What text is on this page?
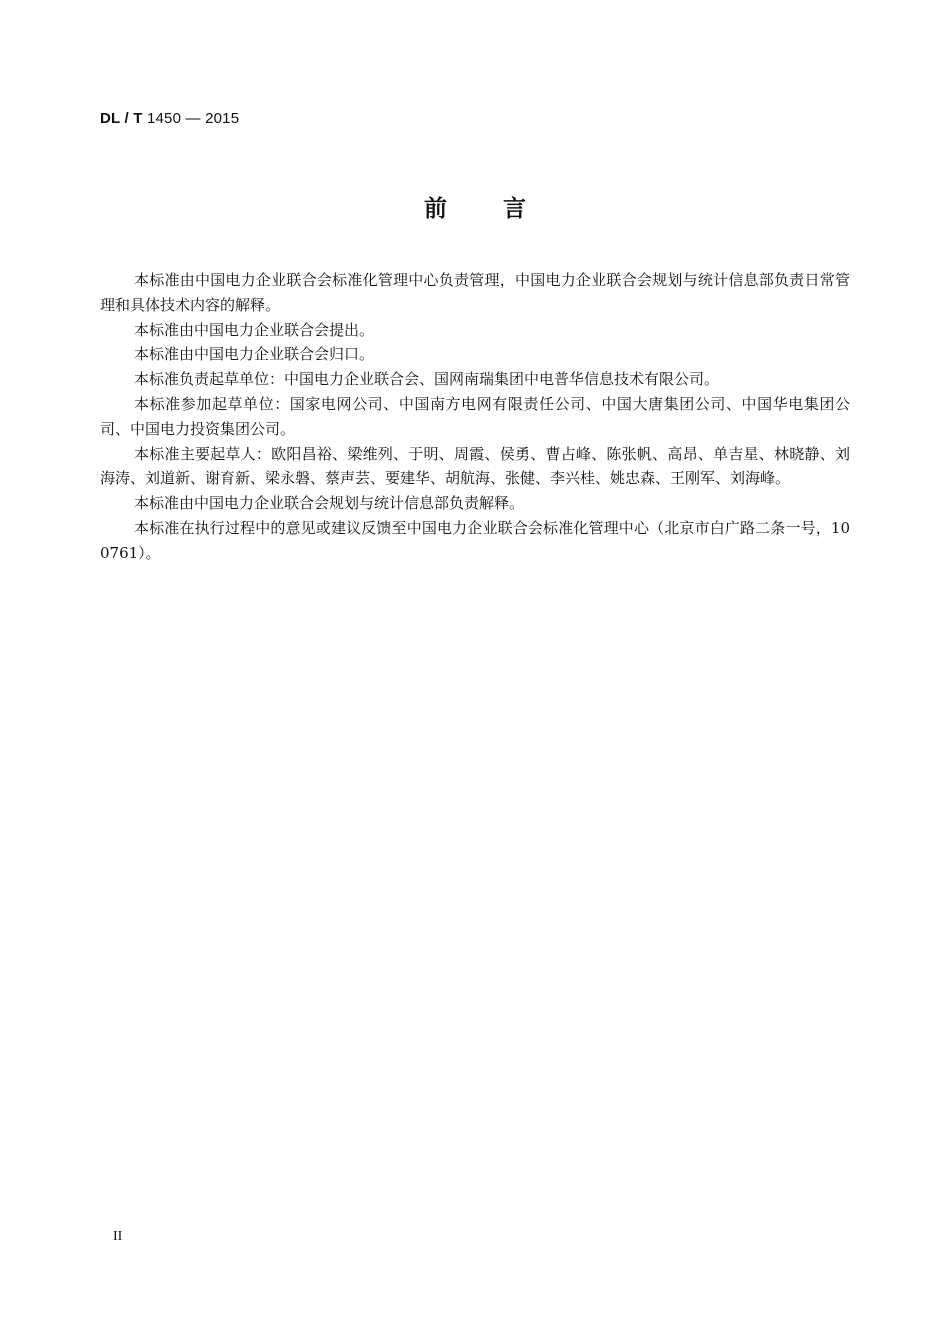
DL / T 1450 — 2015
前言

本标准由中国电力企业联合会标准化管理中心负责管理，中国电力企业联合会规划与统计信息部负责日常管理和具体技术内容的解释。

本标准由中国电力企业联合会提出。

本标准由中国电力企业联合会归口。

本标准负责起草单位：中国电力企业联合会、国网南瑞集团中电普华信息技术有限公司。

本标准参加起草单位：国家电网公司、中国南方电网有限责任公司、中国大唐集团公司、中国华电集团公司、中国电力投资集团公司。

本标准主要起草人：欧阳昌裕、梁维列、于明、周霞、侯勇、曹占峰、陈张帆、高昂、单吉星、林晓静、刘海涛、刘道新、谢育新、梁永磐、蔡声芸、要建华、胡航海、张健、李兴桂、姚忠森、王刚军、刘海峰。

本标准由中国电力企业联合会规划与统计信息部负责解释。

本标准在执行过程中的意见或建议反馈至中国电力企业联合会标准化管理中心（北京市白广路二条一号，100761）。

II
